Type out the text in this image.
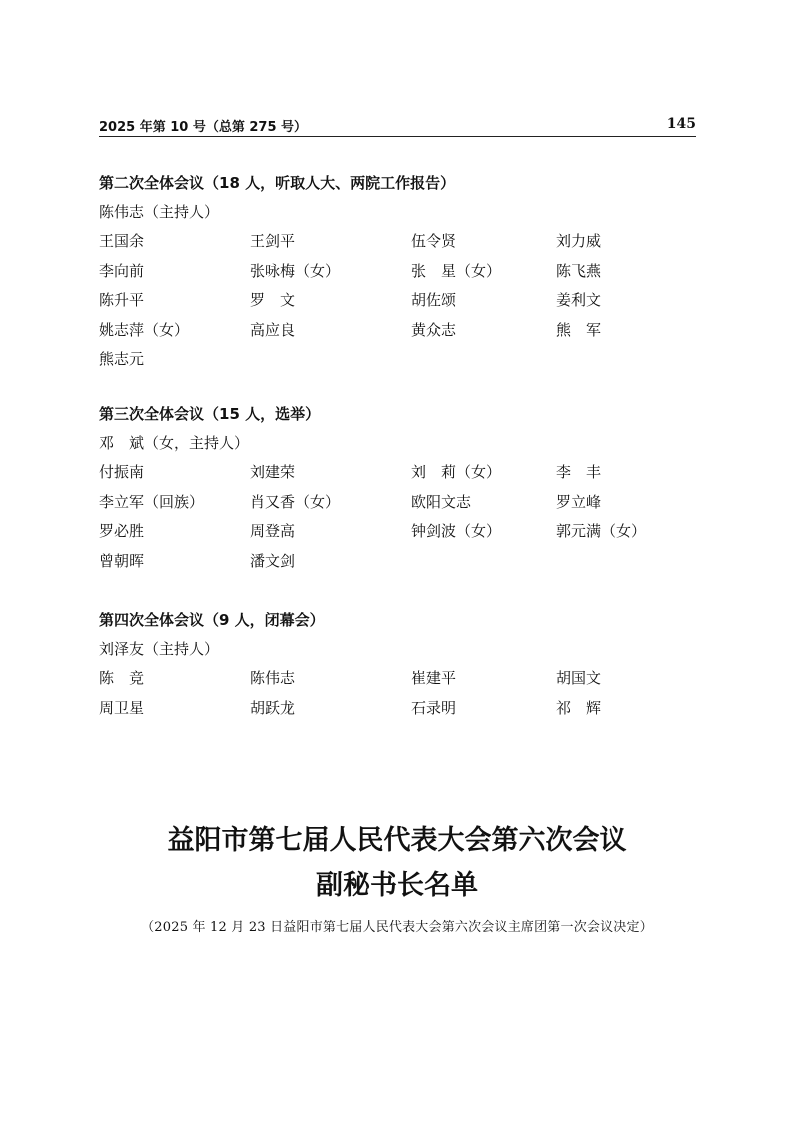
2025 年第 10 号（总第 275 号）	145
第二次全体会议（18 人，听取人大、两院工作报告）
陈伟志（主持人）
王国余	王剑平	伍令贤	刘力威
李向前	张咏梅（女）	张　星（女）	陈飞燕
陈升平	罗　文	胡佐颂	姜利文
姚志萍（女）	高应良	黄众志	熊　军
熊志元
第三次全体会议（15 人，选举）
邓　斌（女，主持人）
付振南	刘建荣	刘　莉（女）	李　丰
李立军（回族）	肖又香（女）	欧阳文志	罗立峰
罗必胜	周登高	钟剑波（女）	郭元满（女）
曾朝晖	潘文剑
第四次全体会议（9 人，闭幕会）
刘泽友（主持人）
陈　竞	陈伟志	崔建平	胡国文
周卫星	胡跃龙	石录明	祁　辉
益阳市第七届人民代表大会第六次会议
副秘书长名单
（2025 年 12 月 23 日益阳市第七届人民代表大会第六次会议主席团第一次会议决定）
